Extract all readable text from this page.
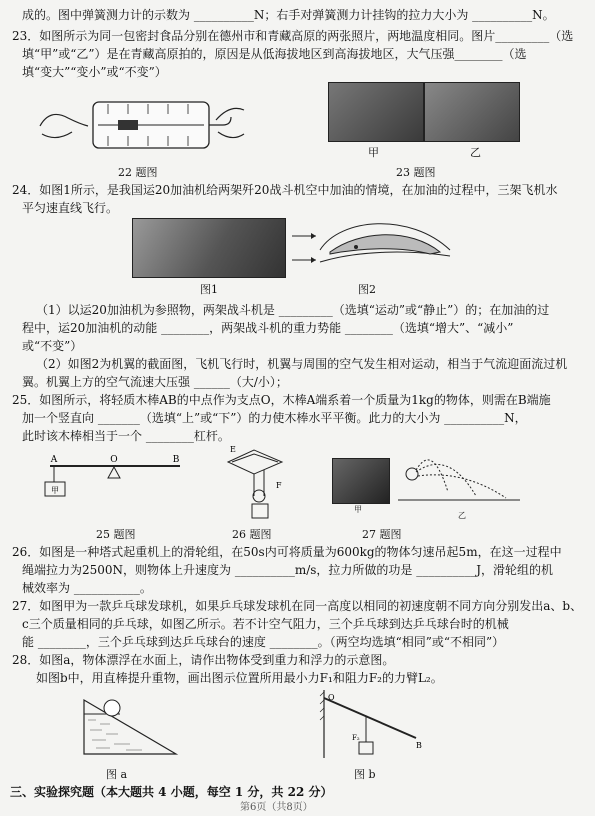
成的。图中弹簧测力计的示数为 __________N；右手对弹簧测力计挂钩的拉力大小为 __________N。
23．如图所示为同一包密封食品分别在德州市和青藏高原的两张照片，两地温度相同。图片_________（选
填“甲”或“乙”）是在青藏高原拍的，原因是从低海拔地区到高海拔地区，大气压强________（选
填“变大”“变小”或“不变”）
22 题图
甲	乙
23 题图
24．如图1所示，是我国运20加油机给两架歼20战斗机空中加油的情境，在加油的过程中，三架飞机水
平匀速直线飞行。
图1	图2
（1）以运20加油机为参照物，两架战斗机是 _________（选填“运动”或“静止”）的；在加油的过
程中，运20加油机的动能 ________，两架战斗机的重力势能 ________（选填“增大”、“减小”
或“不变”）
（2）如图2为机翼的截面图，飞机飞行时，机翼与周围的空气发生相对运动，相当于气流迎面流过机
翼。机翼上方的空气流速大压强 ______（大/小）；
25．如图所示，将轻质木棒AB的中点作为支点O，木棒A端系着一个质量为1kg的物体，则需在B端施
加一个竖直向 _______（选填“上”或“下”）的力使木棒水平平衡。此力的大小为 __________N，
此时该木棒相当于一个 ________杠杆。
A	O	B
甲
25 题图
E
F
26 题图
甲
乙
27 题图
26．如图是一种塔式起重机上的滑轮组，在50s内可将质量为600kg的物体匀速吊起5m，在这一过程中
绳端拉力为2500N，则物体上升速度为 __________m/s，拉力所做的功是 __________J，滑轮组的机
械效率为 ___________。
27．如图甲为一款乒乓球发球机，如果乒乓球发球机在同一高度以相同的初速度朝不同方向分别发出a、b、
c三个质量相同的乒乓球，如图乙所示。若不计空气阻力，三个乒乓球到达乒乓球台时的机械
能 ________，三个乒乓球到达乒乓球台的速度 ________。（两空均选填“相同”或“不相同”）
28．如图a，物体漂浮在水面上，请作出物体受到重力和浮力的示意图。
如图b中，用直棒提升重物，画出图示位置所用最小力F₁和阻力F₂的力臂L₂。
图 a
O
B
F₂
图 b
三、实验探究题（本大题共 4 小题，每空 1 分，共 22 分）
第6页（共8页）
